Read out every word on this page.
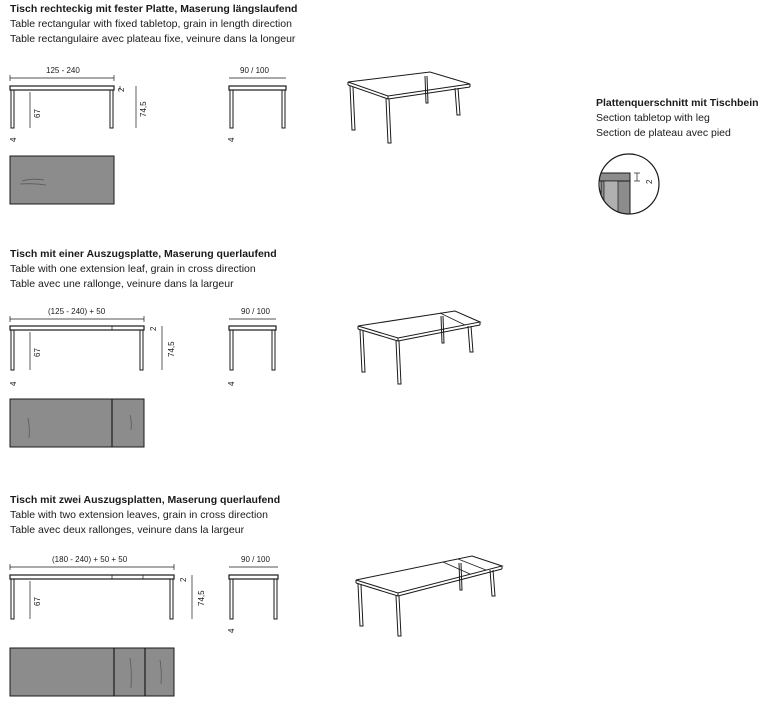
Tisch rechteckig mit fester Platte, Maserung längslaufend
Table rectangular with fixed tabletop, grain in length direction
Table rectangulaire avec plateau fixe, veinure dans la longeur
125 - 240	90 / 100
2
67	74,5
4	4
Tisch mit einer Auszugsplatte, Maserung querlaufend
Table with one extension leaf, grain in cross direction
Table avec une rallonge, veinure dans la largeur
(125 - 240) + 50	90 / 100
2
67	74,5
4	4
Tisch mit zwei Auszugsplatten, Maserung querlaufend
Table with two extension leaves, grain in cross direction
Table avec deux rallonges, veinure dans la largeur
(180 - 240) + 50 + 50	90 / 100
2
67	74,5
4
Plattenquerschnitt mit Tischbein
Section tabletop with leg
Section de plateau avec pied
2
